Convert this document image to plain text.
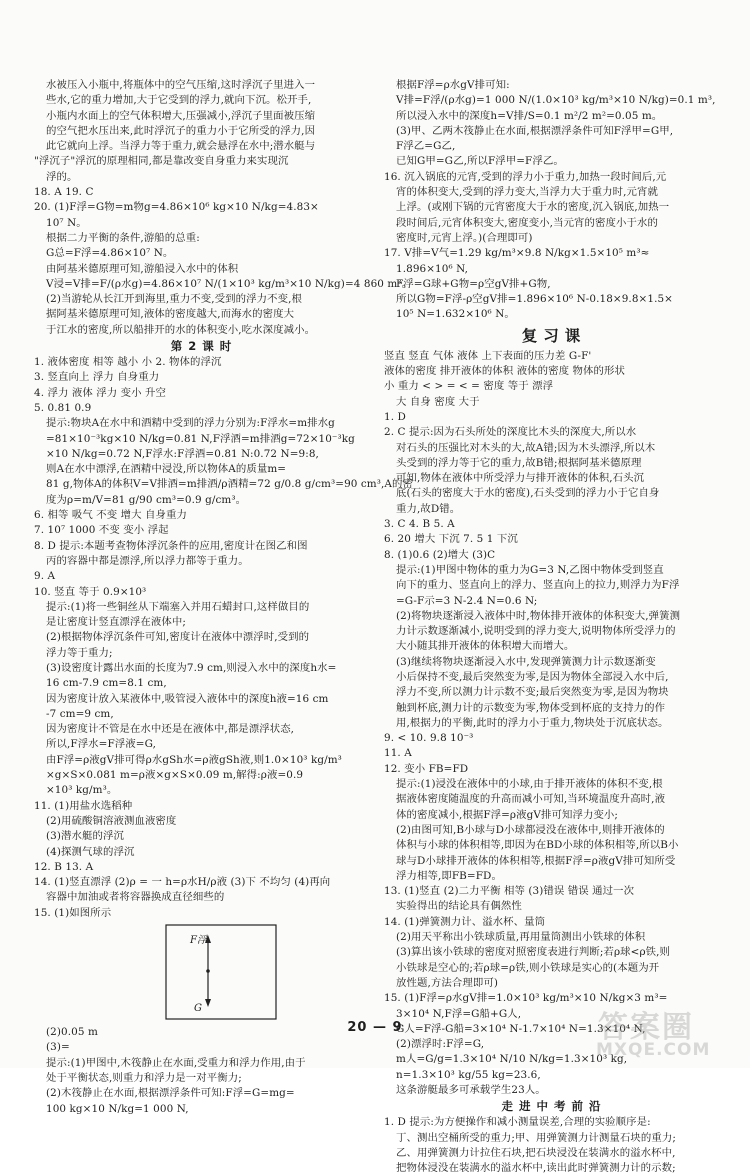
水被压入小瓶中,将瓶体中的空气压缩,这时浮沉子里进入一
些水,它的重力增加,大于它受到的浮力,就向下沉。松开手,
小瓶内水面上的空气体积增大,压强减小,浮沉子里面被压缩
的空气把水压出来,此时浮沉子的重力小于它所受的浮力,因
此它就向上浮。当浮力等于重力,就会悬浮在水中;潜水艇与
"浮沉子"浮沉的原理相同,都是靠改变自身重力来实现沉
浮的。
18. A 19. C
20. (1)F浮=G物=m物g=4.86×10⁶ kg×10 N/kg=4.83×
10⁷ N。
根据二力平衡的条件,游船的总重:
G总=F浮=4.86×10⁷ N。
由阿基米德原理可知,游船浸入水中的体积
V浸=V排=F/(ρ水g)=4.86×10⁷ N/(1×10³ kg/m³×10 N/kg)=4 860 m³。
(2)当游轮从长江开到海里,重力不变,受到的浮力不变,根
据阿基米德原理可知,液体的密度越大,而海水的密度大
于江水的密度,所以船排开的水的体积变小,吃水深度减小。
第2课时
1. 液体密度 相等 越小 小 2. 物体的浮沉
3. 竖直向上 浮力 自身重力
4. 浮力 液体 浮力 变小 升空
5. 0.81 0.9
提示:物块A在水中和酒精中受到的浮力分别为:F浮水=m排水g
=81×10⁻³kg×10 N/kg=0.81 N,F浮酒=m排酒g=72×10⁻³kg
×10 N/kg=0.72 N,F浮水:F浮酒=0.81 N:0.72 N=9:8,
则A在水中漂浮,在酒精中浸没,所以物体A的质量m=
81 g,物体A的体积V=V排酒=m排酒/ρ酒精=72 g/0.8 g/cm³=90 cm³,A的密
度为ρ=m/V=81 g/90 cm³=0.9 g/cm³。
6. 相等 吸气 不变 增大 自身重力
7. 10⁷ 1000 不变 变小 浮起
8. D 提示:本题考查物体浮沉条件的应用,密度计在图乙和图
丙的容器中都是漂浮,所以浮力都等于重力。
9. A
10. 竖直 等于 0.9×10³
提示:(1)将一些铜丝从下端塞入并用石蜡封口,这样做目的
是让密度计竖直漂浮在液体中;
(2)根据物体浮沉条件可知,密度计在液体中漂浮时,受到的
浮力等于重力;
(3)设密度计露出水面的长度为7.9 cm,则浸入水中的深度h水=
16 cm-7.9 cm=8.1 cm,
因为密度计放入某液体中,吸管浸入液体中的深度h液=16 cm
-7 cm=9 cm,
因为密度计不管是在水中还是在液体中,都是漂浮状态,
所以,F浮水=F浮液=G,
由F浮=ρ液gV排可得ρ水gSh水=ρ液gSh液,则1.0×10³ kg/m³
×g×S×0.081 m=ρ液×g×S×0.09 m,解得:ρ液=0.9
×10³ kg/m³。
11. (1)用盐水选稻种
(2)用硫酸铜溶液测血液密度
(3)潜水艇的浮沉
(4)探测气球的浮沉
12. B 13. A
14. (1)竖直漂浮 (2)ρ = 一 h=ρ水H/ρ液 (3)下 不均匀 (4)再向
容器中加油或者将容器换成直径细些的
15. (1)如图所示
F浮
G
(2)0.05 m
(3)=
提示:(1)甲图中,木筏静止在水面,受重力和浮力作用,由于
处于平衡状态,则重力和浮力是一对平衡力;
(2)木筏静止在水面,根据漂浮条件可知:F浮=G=mg=
100 kg×10 N/kg=1 000 N,
根据F浮=ρ水gV排可知:
V排=F浮/(ρ水g)=1 000 N/(1.0×10³ kg/m³×10 N/kg)=0.1 m³,
所以浸入水中的深度h=V排/S=0.1 m²/2 m²=0.05 m。
(3)甲、乙两木筏静止在水面,根据漂浮条件可知F浮甲=G甲,
F浮乙=G乙,
已知G甲=G乙,所以F浮甲=F浮乙。
16. 沉入锅底的元宵,受到的浮力小于重力,加热一段时间后,元
宵的体积变大,受到的浮力变大,当浮力大于重力时,元宵就
上浮。(或刚下锅的元宵密度大于水的密度,沉入锅底,加热一
段时间后,元宵体积变大,密度变小,当元宵的密度小于水的
密度时,元宵上浮。)(合理即可)
17. V排=V气=1.29 kg/m³×9.8 N/kg×1.5×10⁵ m³≈
1.896×10⁶ N,
F浮=G球+G物=ρ空gV排+G物,
所以G物=F浮-ρ空gV排=1.896×10⁶ N-0.18×9.8×1.5×
10⁵ N=1.632×10⁶ N。
复习课
竖直 竖直 气体 液体 上下表面的压力差 G-F'
液体的密度 排开液体的体积 液体的密度 物体的形状
小 重力 < > = < = 密度 等于 漂浮
大 自身 密度 大于
1. D
2. C 提示:因为石头所处的深度比木头的深度大,所以水
对石头的压强比对木头的大,故A错;因为木头漂浮,所以木
头受到的浮力等于它的重力,故B错;根据阿基米德原理
可知,物体在液体中所受浮力与排开液体的体积,石头沉
底(石头的密度大于水的密度),石头受到的浮力小于它自身
重力,故D错。
3. C 4. B 5. A
6. 20 增大 下沉 7. 5 1 下沉
8. (1)0.6 (2)增大 (3)C
提示:(1)甲图中物体的重力为G=3 N,乙图中物体受到竖直
向下的重力、竖直向上的浮力、竖直向上的拉力,则浮力为F浮
=G-F示=3 N-2.4 N=0.6 N;
(2)将物块逐渐浸入液体中时,物体排开液体的体积变大,弹簧测
力计示数逐渐减小,说明受到的浮力变大,说明物体所受浮力的
大小随其排开液体的体积增大而增大。
(3)继续将物块逐渐浸入水中,发现弹簧测力计示数逐渐变
小后保持不变,最后突然变为零,是因为物体全部浸入水中后,
浮力不变,所以测力计示数不变;最后突然变为零,是因为物块
触到杯底,测力计的示数变为零,物体受到杯底的支持力的作
用,根据力的平衡,此时的浮力小于重力,物块处于沉底状态。
9. < 10. 9.8 10⁻³
11. A
12. 变小 FB=FD
提示:(1)浸没在液体中的小球,由于排开液体的体积不变,根
据液体密度随温度的升高而减小可知,当环境温度升高时,液
体的密度减小,根据F浮=ρ液gV排可知浮力变小;
(2)由图可知,B小球与D小球都浸没在液体中,则排开液体的
体积与小球的体积相等,即因为在BD小球的体积相等,所以B小
球与D小球排开液体的体积相等,根据F浮=ρ液gV排可知所受
浮力相等,即FB=FD。
13. (1)竖直 (2)二力平衡 相等 (3)错误 错误 通过一次
实验得出的结论具有偶然性
14. (1)弹簧测力计、溢水杯、量筒
(2)用天平称出小铁球质量,再用量筒测出小铁球的体积
(3)算出该小铁球的密度对照密度表进行判断;若ρ球<ρ铁,则
小铁球是空心的;若ρ球=ρ铁,则小铁球是实心的(本题为开
放性题,方法合理即可)
15. (1)F浮=ρ水gV排=1.0×10³ kg/m³×10 N/kg×3 m³=
3×10⁴ N,F浮=G船+G人,
G人=F浮-G船=3×10⁴ N-1.7×10⁴ N=1.3×10⁴ N,
(2)漂浮时:F浮=G,
m人=G/g=1.3×10⁴ N/10 N/kg=1.3×10³ kg,
n=1.3×10³ kg/55 kg=23.6,
这条游艇最多可承载学生23人。
走进中考前沿
1. D 提示:为方便操作和减小测量误差,合理的实验顺序是:
丁、测出空桶所受的重力;甲、用弹簧测力计测量石块的重力;
乙、用弹簧测力计拉住石块,把石块浸没在装满水的溢水杯中,
把物体浸没在装满水的溢水杯中,读出此时弹簧测力计的示数;
20 — 9	答案圈
MXQE.COM
